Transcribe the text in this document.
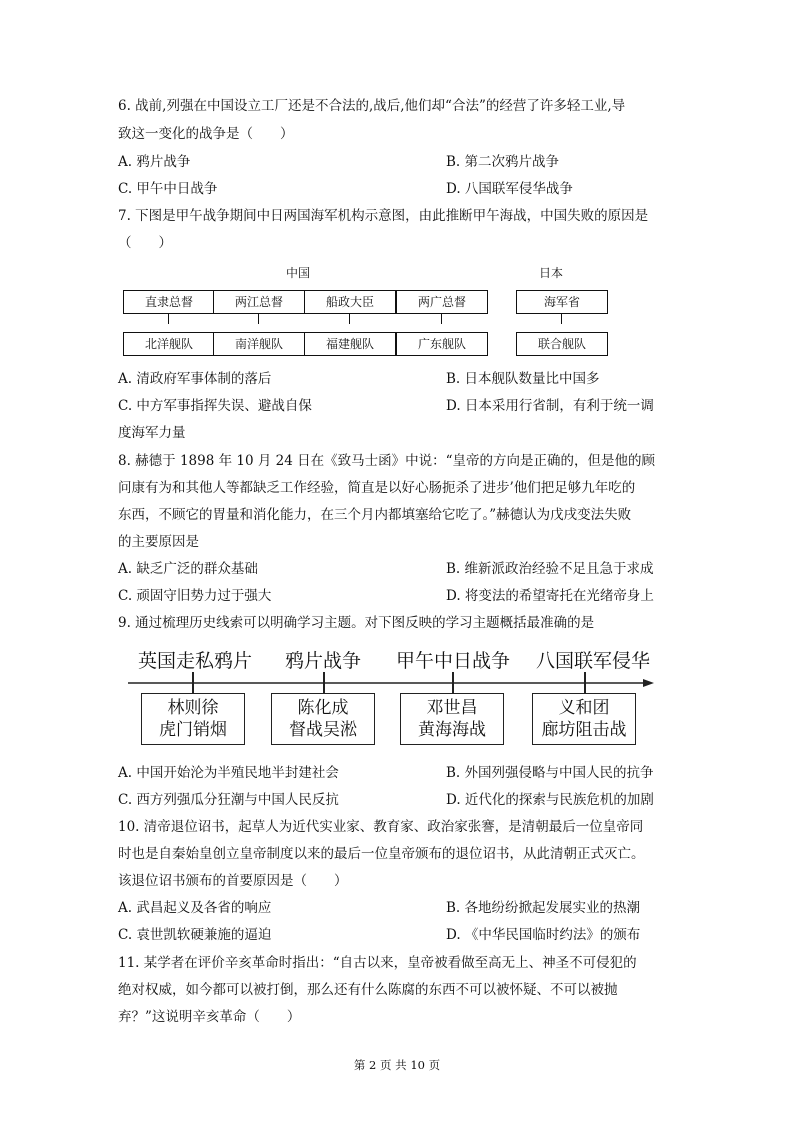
6. 战前,列强在中国设立工厂还是不合法的,战后,他们却“合法”的经营了许多轻工业,导
致这一变化的战争是（　　）
A. 鸦片战争	B. 第二次鸦片战争
C. 甲午中日战争	D. 八国联军侵华战争
7. 下图是甲午战争期间中日两国海军机构示意图，由此推断甲午海战，中国失败的原因是
（　　）
中国	日本
直隶总督	两江总督	船政大臣	两广总督	海军省
北洋舰队	南洋舰队	福建舰队	广东舰队	联合舰队
A. 清政府军事体制的落后	B. 日本舰队数量比中国多
C. 中方军事指挥失误、避战自保	D. 日本采用行省制，有利于统一调
度海军力量
8. 赫德于 1898 年 10 月 24 日在《致马士函》中说：“皇帝的方向是正确的，但是他的顾
问康有为和其他人等都缺乏工作经验，简直是以好心肠扼杀了进步’他们把足够九年吃的
东西，不顾它的胃量和消化能力，在三个月内都填塞给它吃了。”赫德认为戊戌变法失败
的主要原因是
A. 缺乏广泛的群众基础	B. 维新派政治经验不足且急于求成
C. 顽固守旧势力过于强大	D. 将变法的希望寄托在光绪帝身上
9. 通过梳理历史线索可以明确学习主题。对下图反映的学习主题概括最准确的是
英国走私鸦片 鸦片战争 甲午中日战争 八国联军侵华
林则徐
虎门销烟
陈化成
督战吴淞
邓世昌
黄海海战
义和团
廊坊阻击战
A. 中国开始沦为半殖民地半封建社会	B. 外国列强侵略与中国人民的抗争
C. 西方列强瓜分狂潮与中国人民反抗	D. 近代化的探索与民族危机的加剧
10. 清帝退位诏书，起草人为近代实业家、教育家、政治家张謇，是清朝最后一位皇帝同
时也是自秦始皇创立皇帝制度以来的最后一位皇帝颁布的退位诏书，从此清朝正式灭亡。
该退位诏书颁布的首要原因是（　　）
A. 武昌起义及各省的响应	B. 各地纷纷掀起发展实业的热潮
C. 袁世凯软硬兼施的逼迫	D. 《中华民国临时约法》的颁布
11. 某学者在评价辛亥革命时指出：“自古以来，皇帝被看做至高无上、神圣不可侵犯的
绝对权威，如今都可以被打倒，那么还有什么陈腐的东西不可以被怀疑、不可以被抛
弃？”这说明辛亥革命（　　）
第 2 页 共 10 页
